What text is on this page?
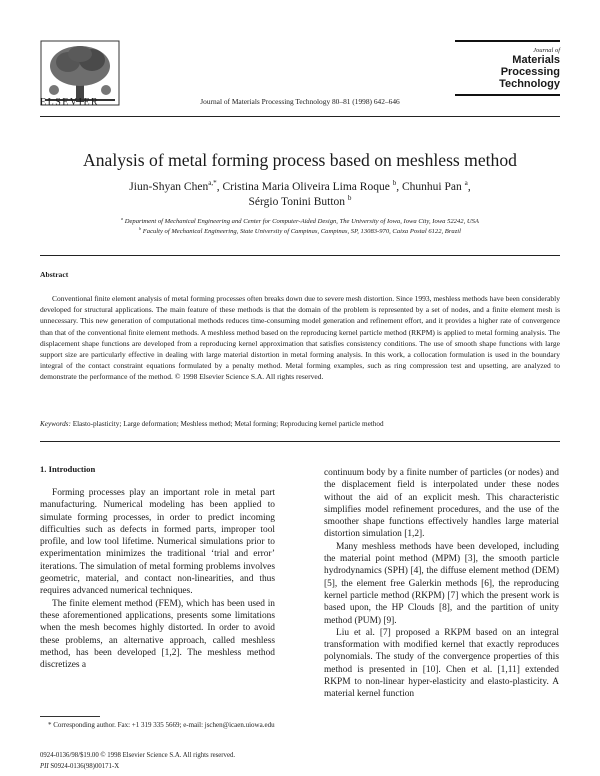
ELSEVIER	Journal of Materials Processing Technology 80–81 (1998) 642–646
Journal of
Materials
Processing
Technology
Analysis of metal forming process based on meshless method
Jiun-Shyan Chen$^{a,*}$, Cristina Maria Oliveira Lima Roque $^b$, Chunhui Pan $^a$,
Sérgio Tonini Button $^b$
$^a$ Department of Mechanical Engineering and Center for Computer-Aided Design, The University of Iowa, Iowa City, Iowa 52242, USA
$^b$ Faculty of Mechanical Engineering, State University of Campinas, Campinas, SP, 13083-970, Caixa Postal 6122, Brazil
Abstract

Conventional finite element analysis of metal forming processes often breaks down due to severe mesh distortion. Since 1993, meshless methods have been considerably developed for structural applications. The main feature of these methods is that the domain of the problem is represented by a set of nodes, and a finite element mesh is unnecessary. This new generation of computational methods reduces time-consuming model generation and refinement effort, and it provides a higher rate of convergence than that of the conventional finite element methods. A meshless method based on the reproducing kernel particle method (RKPM) is applied to metal forming analysis. The displacement shape functions are developed from a reproducing kernel approximation that satisfies consistency conditions. The use of smooth shape functions with large support size are particularly effective in dealing with large material distortion in metal forming analysis. In this work, a collocation formulation is used in the boundary integral of the contact constraint equations formulated by a penalty method. Metal forming examples, such as ring compression test and upsetting, are analyzed to demonstrate the performance of the method. © 1998 Elsevier Science S.A. All rights reserved.

Keywords: Elasto-plasticity; Large deformation; Meshless method; Metal forming; Reproducing kernel particle method
1. Introduction

Forming processes play an important role in metal part manufacturing. Numerical modeling has been applied to simulate forming processes, in order to predict incoming difficulties such as defects in formed parts, improper tool profile, and low tool lifetime. Numerical simulations prior to experimentation minimizes the traditional ‘trial and error’ iterations. The simulation of metal forming problems involves geometric, material, and contact non-linearities, and thus requires advanced numerical techniques.

The finite element method (FEM), which has been used in these aforementioned applications, presents some limitations when the mesh becomes highly distorted. In order to avoid these problems, an alternative approach, called meshless method, has been developed [1,2]. The meshless method discretizes a

continuum body by a finite number of particles (or nodes) and the displacement field is interpolated under these nodes without the aid of an explicit mesh. This characteristic simplifies model refinement procedures, and the use of the smoother shape functions effectively handles large material distortion simulation [1,2].

Many meshless methods have been developed, including the material point method (MPM) [3], the smooth particle hydrodynamics (SPH) [4], the diffuse element method (DEM) [5], the element free Galerkin methods [6], the reproducing kernel particle method (RKPM) [7] which the present work is based upon, the HP Clouds [8], and the partition of unity method (PUM) [9].

Liu et al. [7] proposed a RKPM based on an integral transformation with modified kernel that exactly reproduces polynomials. The study of the convergence properties of this method is presented in [10]. Chen et al. [1,11] extended RKPM to non-linear hyper-elasticity and elasto-plasticity. A material kernel function

* Corresponding author. Fax: +1 319 335 5669; e-mail: jschen@icaen.uiowa.edu

0924-0136/98/$19.00 © 1998 Elsevier Science S.A. All rights reserved.
PII S0924-0136(98)00171-X
